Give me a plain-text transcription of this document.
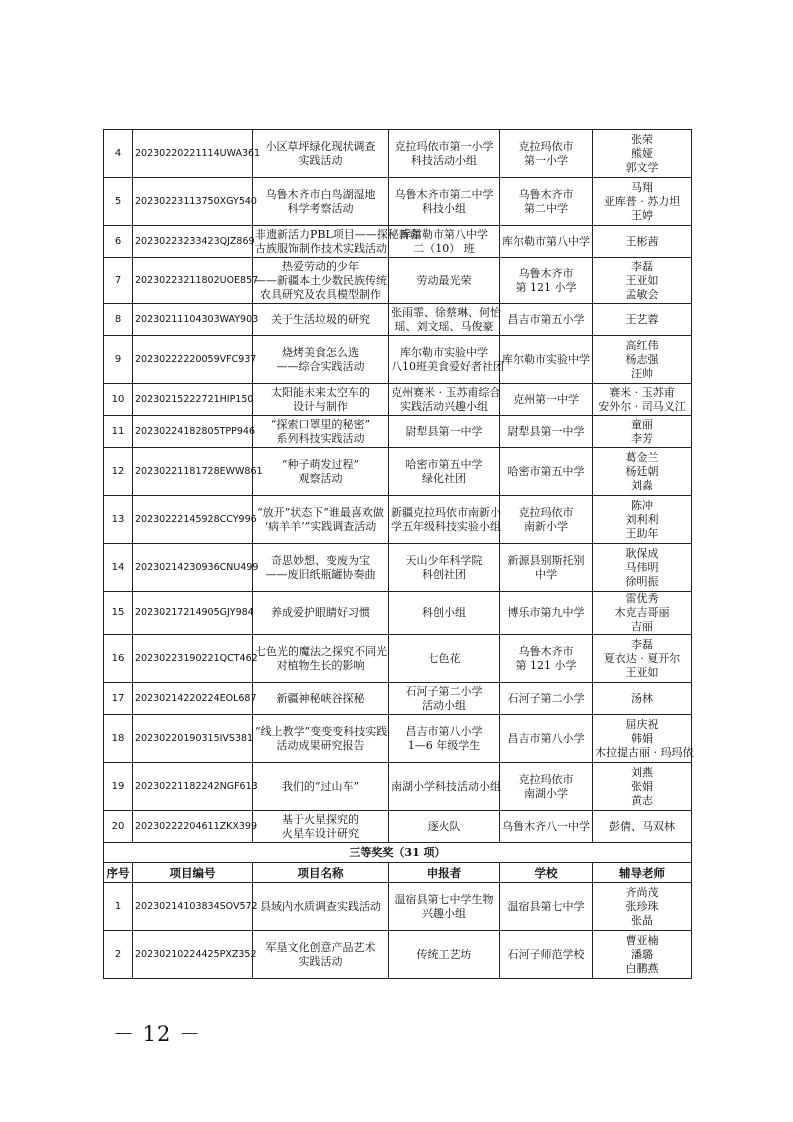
4	20230220221114UWA361	小区草坪绿化现状调查
实践活动	克拉玛依市第一小学
科技活动小组	克拉玛依市
第一小学	张荣
熊娅
郭文学

5	20230223113750XGY540	乌鲁木齐市白鸟湖湿地
科学考察活动	乌鲁木齐市第二中学
科技小组	乌鲁木齐市
第二中学	马翔
亚库普 · 苏力坦
王婷

6	20230223233423QJZ869	非遗新活力PBL项目——探秘新疆
古族服饰制作技术实践活动	库尔勒市第八中学
二（10） 班	库尔勒市第八中学	王彬茜

7	20230223211802UOE857	热爱劳动的少年
——新疆本土少数民族传统
农具研究及农具模型制作	劳动最光荣	乌鲁木齐市
第 121 小学	李磊
王亚如
孟敏会

8	20230211104303WAY903	关于生活垃圾的研究	张雨霏、徐蔡琳、何怡
瑶、刘文瑶、马俊豪	昌吉市第五小学	王艺蓉

9	20230222220059VFC937	烧烤美食怎么选
——综合实践活动	库尔勒市实验中学
八10班美食爱好者社团	库尔勒市实验中学	高红伟
杨志强
汪帅

10	20230215222721HIP150	太阳能未来太空车的
设计与制作	克州赛米 · 玉苏甫综合
实践活动兴趣小组	克州第一中学	赛米 · 玉苏甫
安外尔 · 司马义江

11	20230224182805TPP946	“探索口罩里的秘密”
系列科技实践活动	尉犁县第一中学	尉犁县第一中学	童丽
李芳

12	20230221181728EWW861	“种子萌发过程”
观察活动	哈密市第五中学
绿化社团	哈密市第五中学	葛金兰
杨廷朝
刘淼

13	20230222145928CCY996	“放开”状态下“谁最喜欢做
‘病羊羊’”实践调查活动	新疆克拉玛依市南新小
学五年级科技实验小组	克拉玛依市
南新小学	陈冲
刘利利
王助年

14	20230214230936CNU499	奇思妙想、变废为宝
——废旧纸瓶罐协奏曲	天山少年科学院
科创社团	新源县别斯托别
中学	耿保成
马伟明
徐明振

15	20230217214905GJY984	养成爱护眼睛好习惯	科创小组	博乐市第九中学	雷优秀
木克吉哥丽
吉丽

16	20230223190221QCT462	七色光的魔法之探究不同光
对植物生长的影响	七色花	乌鲁木齐市
第 121 小学	李磊
夏衣达 · 夏开尔
王亚如

17	20230214220224EOL687	新疆神秘峡谷探秘	石河子第二小学
活动小组	石河子第二小学	汤林

18	20230220190315IVS381	“线上教学”变变变科技实践
活动成果研究报告	昌吉市第八小学
1—6 年级学生	昌吉市第八小学	屈庆祝
韩娟
木拉提古丽 · 玛玛依

19	20230221182242NGF613	我们的“过山车”	南湖小学科技活动小组	克拉玛依市
南湖小学	刘燕
张娟
黄志

20	20230222204611ZKX399	基于火星探究的
火星车设计研究	逐火队	乌鲁木齐八一中学	彭倩、马双林

三等奖奖（31 项）					
序号	项目编号	项目名称	申报者	学校	辅导老师
1	20230214103834SOV572	县域内水质调查实践活动	温宿县第七中学生物
兴趣小组	温宿县第七中学	齐尚茂
张珍珠
张晶

2	20230210224425PXZ352	军垦文化创意产品艺术
实践活动	传统工艺坊	石河子师范学校	曹亚楠
潘璐
白鹏燕
－ 12 －
